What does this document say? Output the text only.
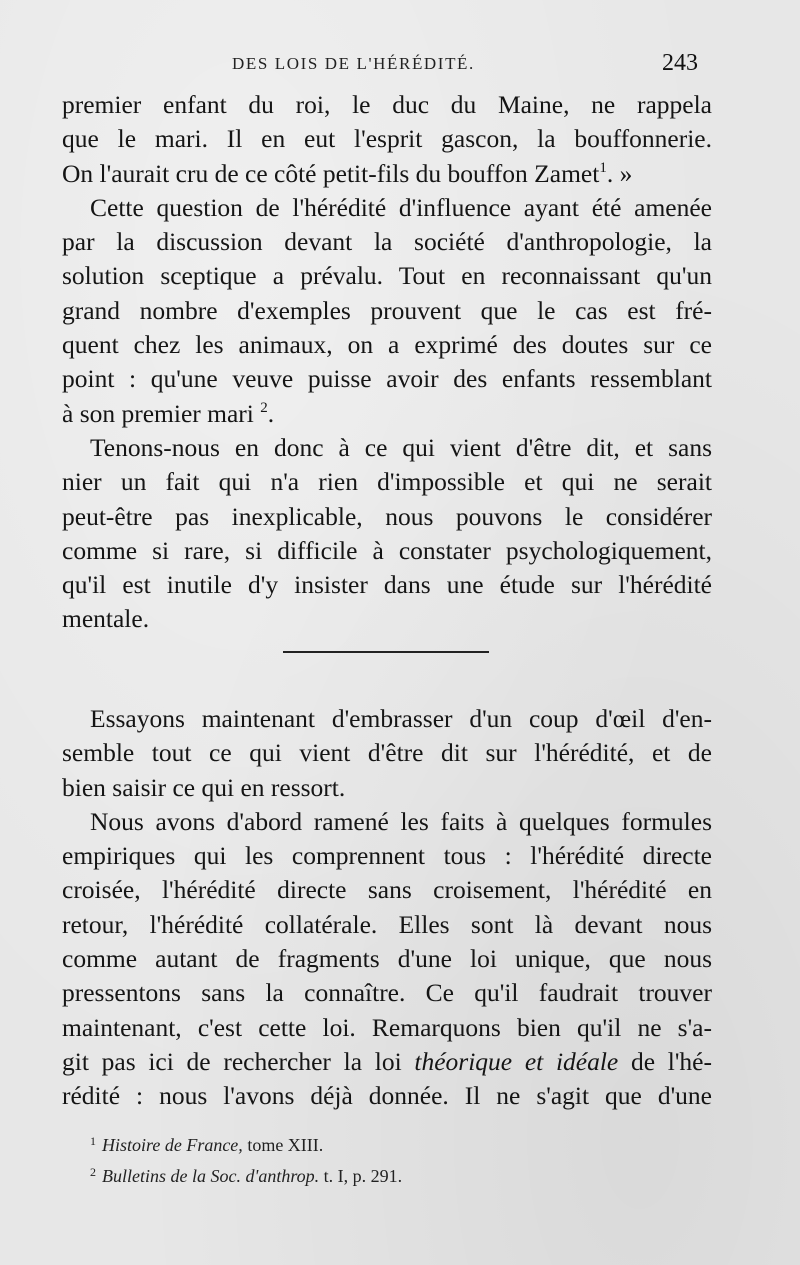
DES LOIS DE L'HÉRÉDITÉ.	243

premier enfant du roi, le duc du Maine, ne rappela
que le mari. Il en eut l'esprit gascon, la bouffonnerie.
On l'aurait cru de ce côté petit-fils du bouffon Zamet$^1$. »

Cette question de l'hérédité d'influence ayant été amenée
par la discussion devant la société d'anthropologie, la
solution sceptique a prévalu. Tout en reconnaissant qu'un
grand nombre d'exemples prouvent que le cas est fré-
quent chez les animaux, on a exprimé des doutes sur ce
point : qu'une veuve puisse avoir des enfants ressemblant
à son premier mari $^2$.

Tenons-nous en donc à ce qui vient d'être dit, et sans
nier un fait qui n'a rien d'impossible et qui ne serait
peut-être pas inexplicable, nous pouvons le considérer
comme si rare, si difficile à constater psychologiquement,
qu'il est inutile d'y insister dans une étude sur l'hérédité
mentale.

Essayons maintenant d'embrasser d'un coup d'œil d'en-
semble tout ce qui vient d'être dit sur l'hérédité, et de
bien saisir ce qui en ressort.

Nous avons d'abord ramené les faits à quelques formules
empiriques qui les comprennent tous : l'hérédité directe
croisée, l'hérédité directe sans croisement, l'hérédité en
retour, l'hérédité collatérale. Elles sont là devant nous
comme autant de fragments d'une loi unique, que nous
pressentons sans la connaître. Ce qu'il faudrait trouver
maintenant, c'est cette loi. Remarquons bien qu'il ne s'a-
git pas ici de rechercher la loi théorique et idéale de l'hé-
rédité : nous l'avons déjà donnée. Il ne s'agit que d'une

$^1$ Histoire de France, tome XIII.
$^2$ Bulletins de la Soc. d'anthrop. t. I, p. 291.
